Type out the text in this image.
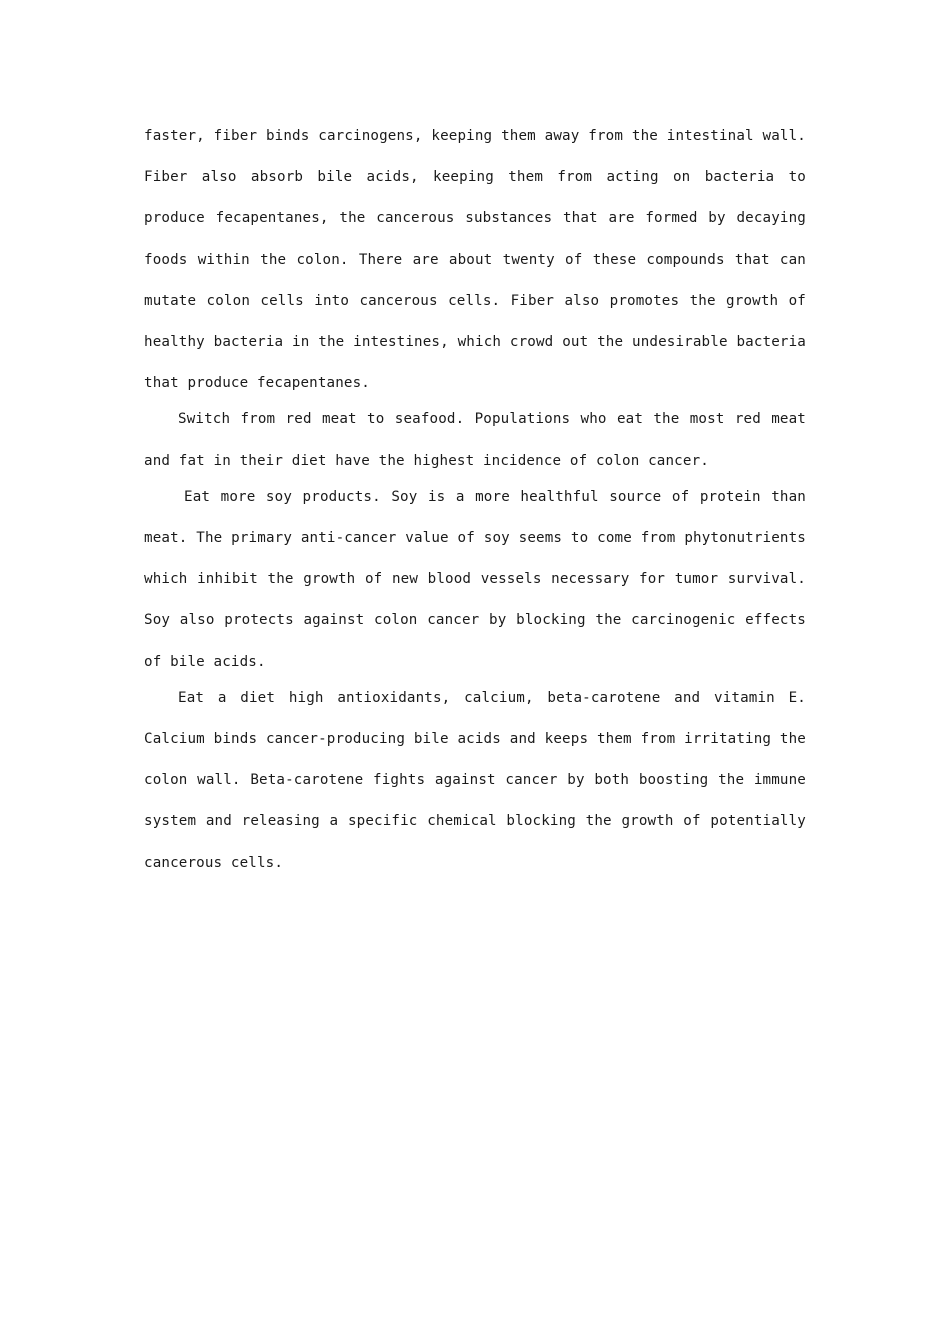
faster, fiber binds carcinogens, keeping them away from the intestinal wall. Fiber also absorb bile acids, keeping them from acting on bacteria to produce fecapentanes, the cancerous substances that are formed by decaying foods within the colon. There are about twenty of these compounds that can mutate colon cells into cancerous cells. Fiber also promotes the growth of healthy bacteria in the intestines, which crowd out the undesirable bacteria that produce fecapentanes.

Switch from red meat to seafood. Populations who eat the most red meat and fat in their diet have the highest incidence of colon cancer.

Eat more soy products. Soy is a more healthful source of protein than meat. The primary anti-cancer value of soy seems to come from phytonutrients which inhibit the growth of new blood vessels necessary for tumor survival. Soy also protects against colon cancer by blocking the carcinogenic effects of bile acids.

Eat a diet high antioxidants, calcium, beta-carotene and vitamin E. Calcium binds cancer-producing bile acids and keeps them from irritating the colon wall. Beta-carotene fights against cancer by both boosting the immune system and releasing a specific chemical blocking the growth of potentially cancerous cells.
